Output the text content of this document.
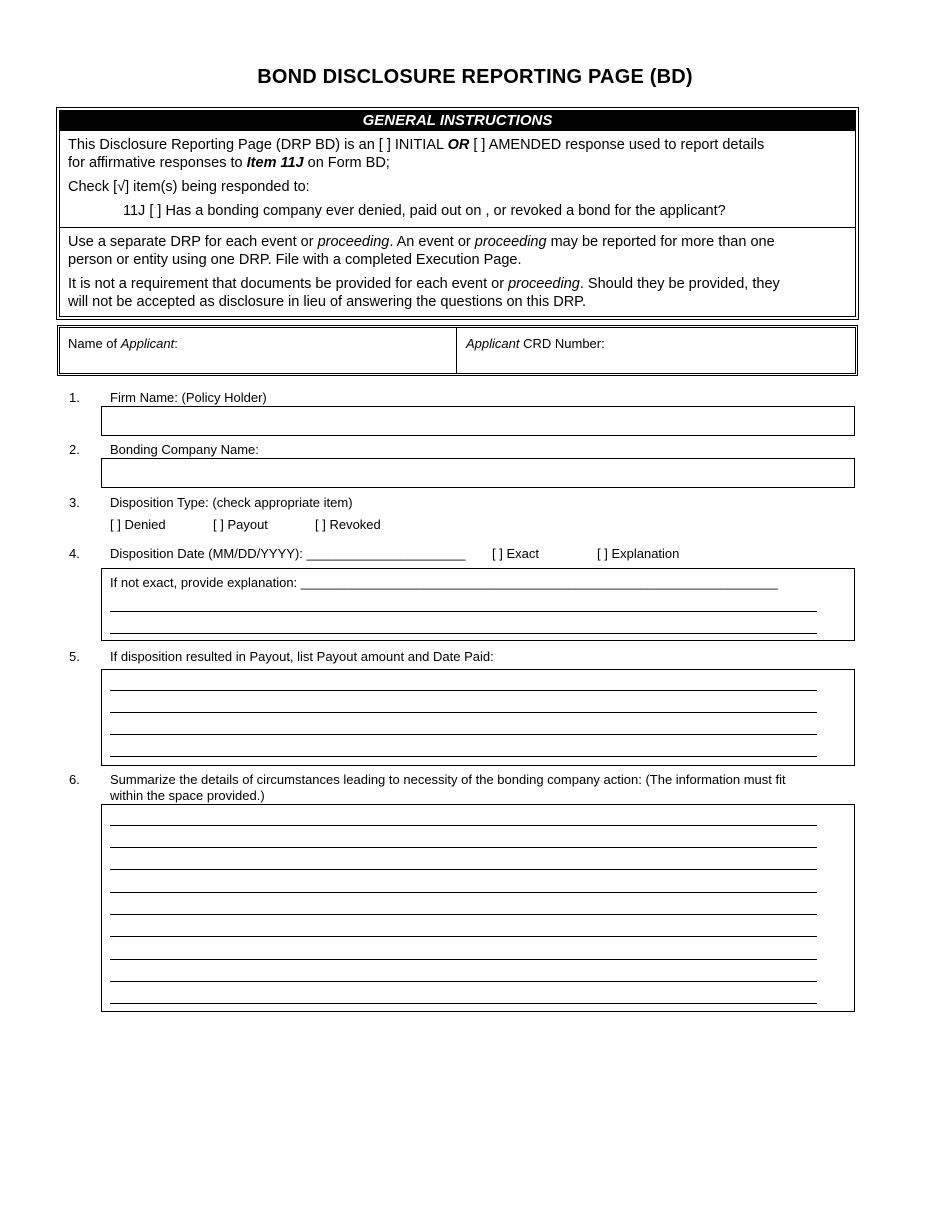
BOND DISCLOSURE REPORTING PAGE (BD)
GENERAL INSTRUCTIONS
This Disclosure Reporting Page (DRP BD) is an [ ] INITIAL OR [ ] AMENDED response used to report details
for affirmative responses to Item 11J on Form BD;
Check [√] item(s) being responded to:
11J [ ] Has a bonding company ever denied, paid out on , or revoked a bond for the applicant?
Use a separate DRP for each event or proceeding. An event or proceeding may be reported for more than one
person or entity using one DRP. File with a completed Execution Page.
It is not a requirement that documents be provided for each event or proceeding. Should they be provided, they
will not be accepted as disclosure in lieu of answering the questions on this DRP.
Name of Applicant:	Applicant CRD Number:
1. Firm Name: (Policy Holder)
2. Bonding Company Name:
3. Disposition Type: (check appropriate item)
[ ] Denied	[ ] Payout	[ ] Revoked
4. Disposition Date (MM/DD/YYYY): ______________________ [ ] Exact	[ ] Explanation
If not exact, provide explanation: __________________________________________________________________
5. If disposition resulted in Payout, list Payout amount and Date Paid:
6. Summarize the details of circumstances leading to necessity of the bonding company action: (The information must fit
within the space provided.)
